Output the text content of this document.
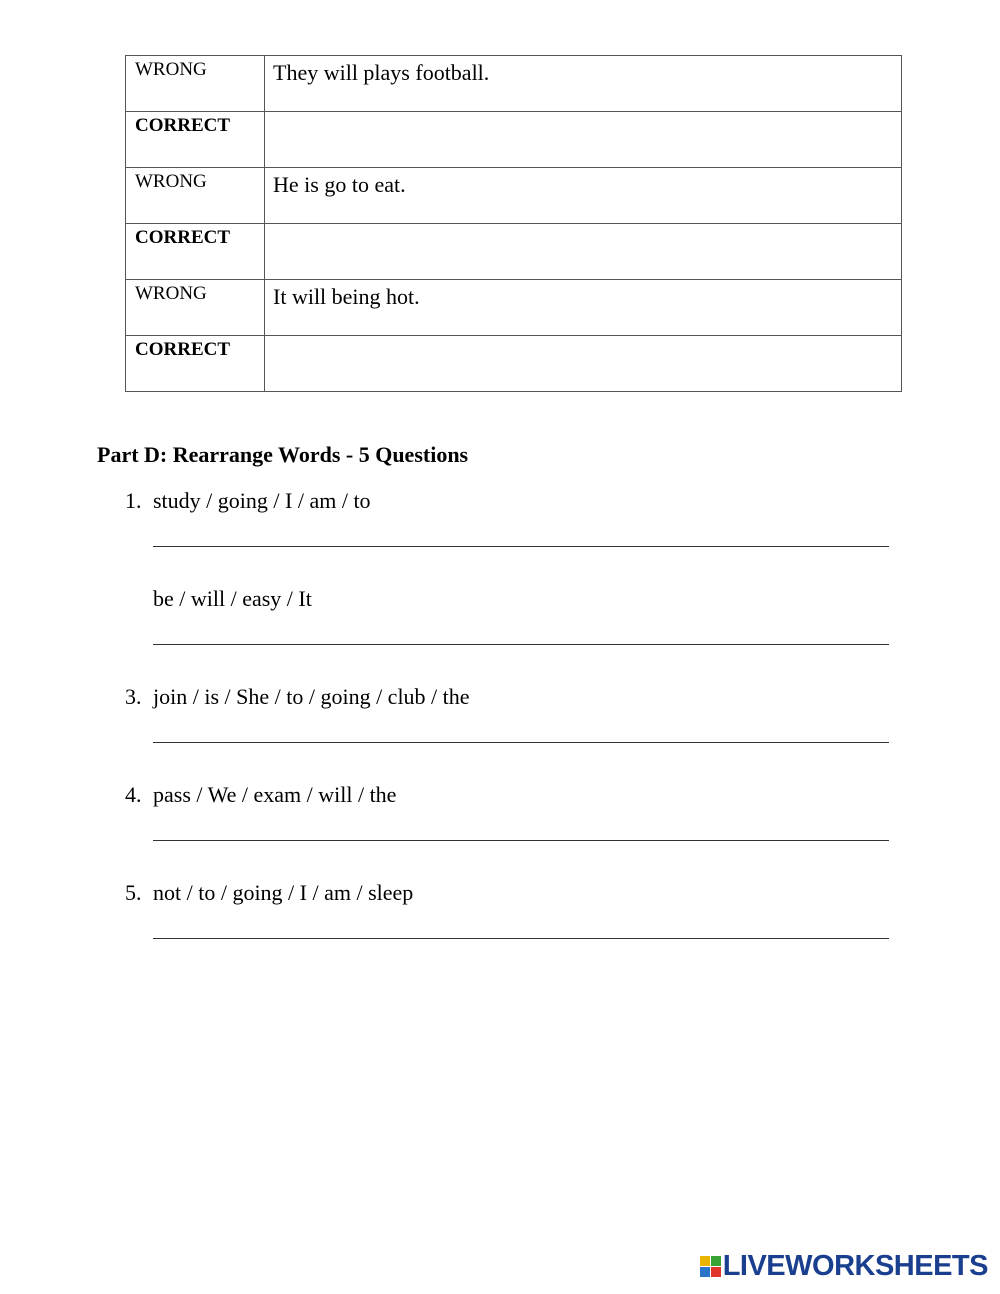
WRONG	They will plays football.
CORRECT	
WRONG	He is go to eat.
CORRECT	
WRONG	It will being hot.
CORRECT	
Part D: Rearrange Words - 5 Questions
1. study / going / I / am / to
be / will / easy / It
3. join / is / She / to / going / club / the
4. pass / We / exam / will / the
5. not / to / going / I / am / sleep
LIVEWORKSHEETS
